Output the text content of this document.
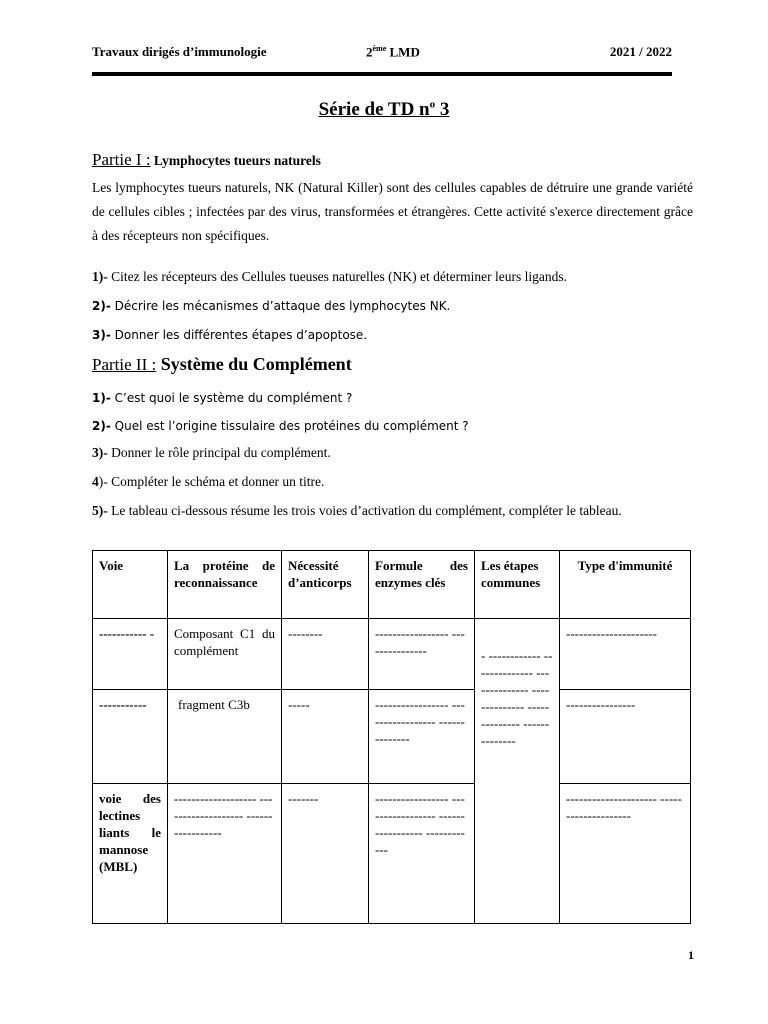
Travaux dirigés d’immunologie	2ème LMD	2021 / 2022
Série de TD $n^o$ 3
Partie I : Lymphocytes tueurs naturels
Les lymphocytes tueurs naturels, NK (Natural Killer) sont des cellules capables de détruire une grande variété de cellules cibles ; infectées par des virus, transformées et étrangères. Cette activité s'exerce directement grâce à des récepteurs non spécifiques.
1)- Citez les récepteurs des Cellules tueuses naturelles (NK) et déterminer leurs ligands.
2)- Décrire les mécanismes d’attaque des lymphocytes NK.
3)- Donner les différentes étapes d’apoptose.
Partie II : Système du Complément
1)- C’est quoi le système du complément ?
2)- Quel est l’origine tissulaire des protéines du complément ?
3)- Donner le rôle principal du complément.
4)- Compléter le schéma et donner un titre.
5)- Le tableau ci-dessous résume les trois voies d’activation du complément, compléter le tableau.
Voie	La protéine de reconnaissance	Nécessité d’anticorps	Formule des enzymes clés	Les étapes communes	Type d'immunité
----------- -	Composant C1 du complément	--------	----------------- ---------------	- ------------ -------------- -------------- -------------- -------------- --------------	---------------------
-----------	fragment C3b	-----	----------------- ----------------- --------------		----------------
voie des lectines liants le mannose (MBL)	------------------- ------------------- -----------------	-------	----------------- ----------------- ----------------- ------------		--------------------- --------------------
1
